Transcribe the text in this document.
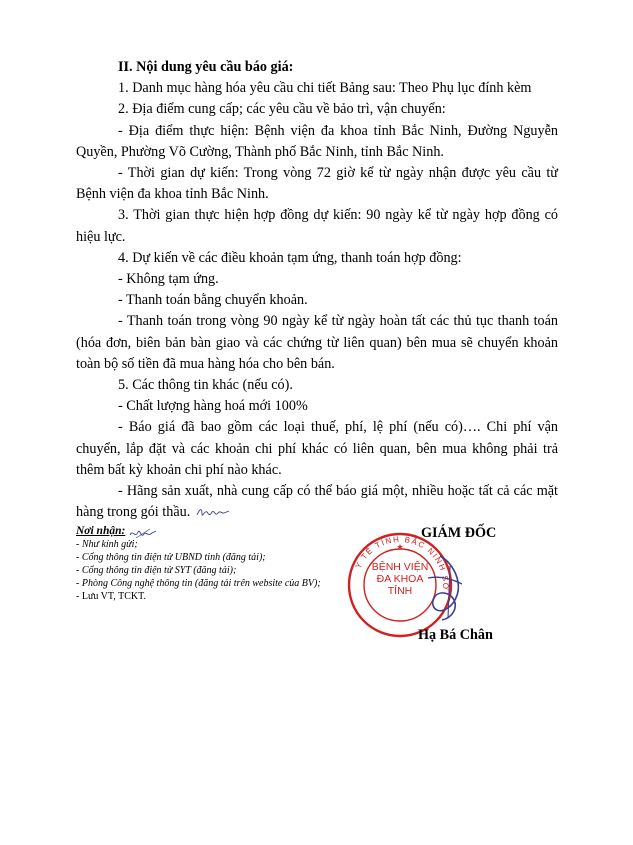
II. Nội dung yêu cầu báo giá:

1. Danh mục hàng hóa yêu cầu chi tiết Bảng sau: Theo Phụ lục đính kèm

2. Địa điểm cung cấp; các yêu cầu về bảo trì, vận chuyển:

- Địa điểm thực hiện: Bệnh viện đa khoa tỉnh Bắc Ninh, Đường Nguyễn Quyền, Phường Võ Cường, Thành phố Bắc Ninh, tỉnh Bắc Ninh.

- Thời gian dự kiến: Trong vòng 72 giờ kể từ ngày nhận được yêu cầu từ Bệnh viện đa khoa tỉnh Bắc Ninh.

3. Thời gian thực hiện hợp đồng dự kiến: 90 ngày kể từ ngày hợp đồng có hiệu lực.

4. Dự kiến về các điều khoản tạm ứng, thanh toán hợp đồng:

- Không tạm ứng.

- Thanh toán bằng chuyển khoản.

- Thanh toán trong vòng 90 ngày kể từ ngày hoàn tất các thủ tục thanh toán (hóa đơn, biên bản bàn giao và các chứng từ liên quan) bên mua sẽ chuyển khoản toàn bộ số tiền đã mua hàng hóa cho bên bán.

5. Các thông tin khác (nếu có).

- Chất lượng hàng hoá mới 100%

- Báo giá đã bao gồm các loại thuế, phí, lệ phí (nếu có)…. Chi phí vận chuyển, lắp đặt và các khoản chi phí khác có liên quan, bên mua không phải trả thêm bất kỳ khoản chi phí nào khác.

- Hãng sản xuất, nhà cung cấp có thể báo giá một, nhiều hoặc tất cả các mặt hàng trong gói thầu.

Nơi nhận:
- Như kính gửi;
- Cổng thông tin điện tử UBND tỉnh (đăng tải);
- Cổng thông tin điện tử SYT (đăng tải);
- Phòng Công nghệ thông tin (đăng tải trên website của BV);
- Lưu VT, TCKT.
GIÁM ĐỐC
Y TẾ TỈNH BẮC NINH SỞ
BỆNH VIỆN
ĐA KHOA
TỈNH
Hạ Bá Chân
